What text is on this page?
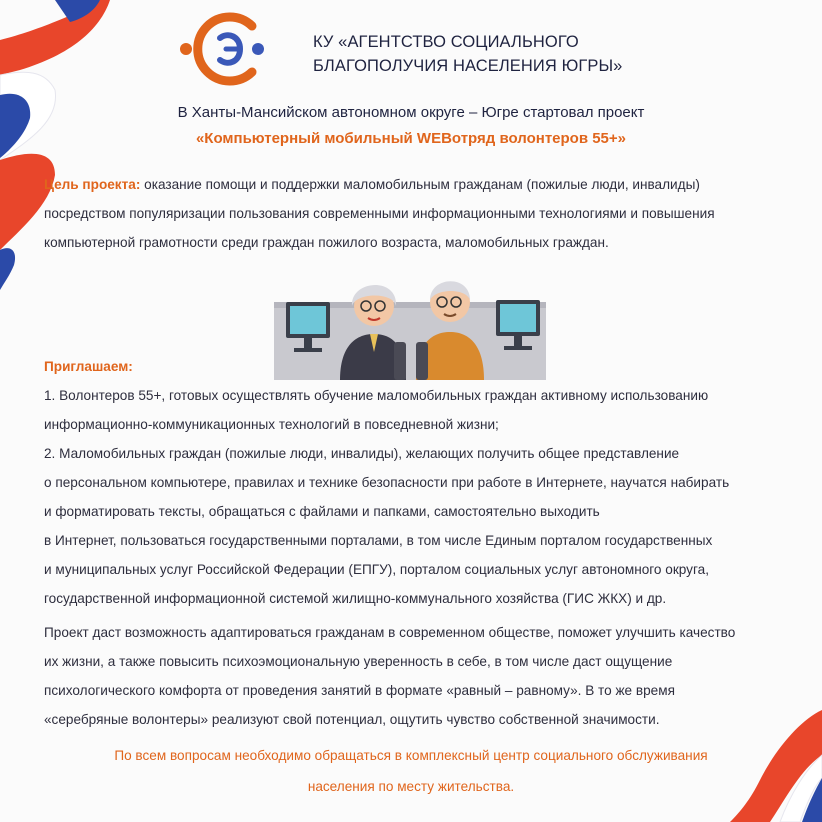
КУ «АГЕНТСТВО СОЦИАЛЬНОГО
БЛАГОПОЛУЧИЯ НАСЕЛЕНИЯ ЮГРЫ»
В Ханты-Мансийском автономном округе – Югре стартовал проект
«Компьютерный мобильный WEBотряд волонтеров 55+»

Цель проекта: оказание помощи и поддержки маломобильным гражданам (пожилые люди, инвалиды)

посредством популяризации пользования современными информационными технологиями и повышения

компьютерной грамотности среди граждан пожилого возраста, маломобильных граждан.

Приглашаем:

1. Волонтеров 55+, готовых осуществлять обучение маломобильных граждан активному использованию

информационно-коммуникационных технологий в повседневной жизни;

2. Маломобильных граждан (пожилые люди, инвалиды), желающих получить общее представление

о персональном компьютере, правилах и технике безопасности при работе в Интернете, научатся набирать

и форматировать тексты, обращаться с файлами и папками, самостоятельно выходить

в Интернет, пользоваться государственными порталами, в том числе Единым порталом государственных

и муниципальных услуг Российской Федерации (ЕПГУ), порталом социальных услуг автономного округа,

государственной информационной системой жилищно-коммунального хозяйства (ГИС ЖКХ) и др.

Проект даст возможность адаптироваться гражданам в современном обществе, поможет улучшить качество

их жизни, а также повысить психоэмоциональную уверенность в себе, в том числе даст ощущение

психологического комфорта от проведения занятий в формате «равный – равному». В то же время

«серебряные волонтеры» реализуют свой потенциал, ощутить чувство собственной значимости.

По всем вопросам необходимо обращаться в комплексный центр социального обслуживания
населения по месту жительства.
